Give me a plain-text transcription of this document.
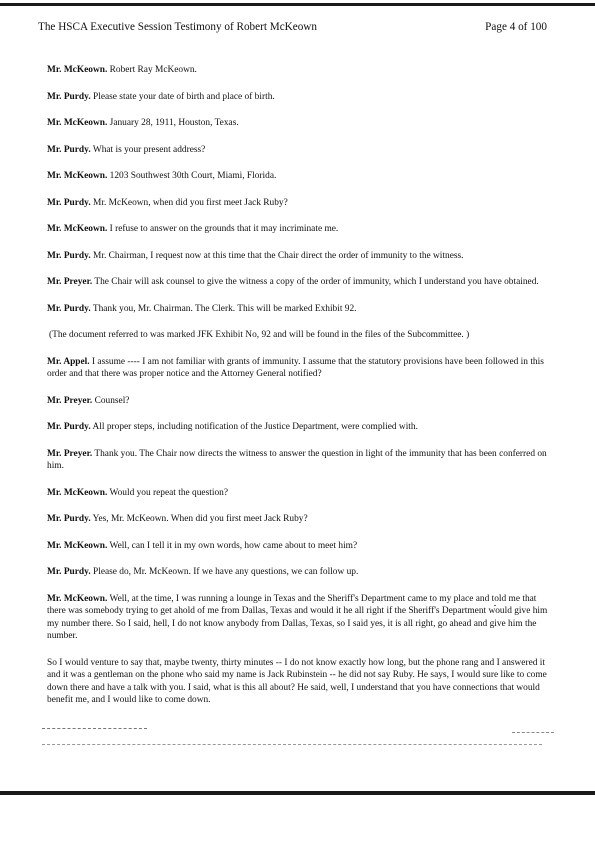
The HSCA Executive Session Testimony of Robert McKeown	Page 4 of 100

Mr. McKeown. Robert Ray McKeown.

Mr. Purdy. Please state your date of birth and place of birth.

Mr. McKeown. January 28, 1911, Houston, Texas.

Mr. Purdy. What is your present address?

Mr. McKeown. 1203 Southwest 30th Court, Miami, Florida.

Mr. Purdy. Mr. McKeown, when did you first meet Jack Ruby?

Mr. McKeown. I refuse to answer on the grounds that it may incriminate me.

Mr. Purdy. Mr. Chairman, I request now at this time that the Chair direct the order of immunity to the witness.

Mr. Preyer. The Chair will ask counsel to give the witness a copy of the order of immunity, which I understand you have obtained.

Mr. Purdy. Thank you, Mr. Chairman. The Clerk. This will be marked Exhibit 92.

(The document referred to was marked JFK Exhibit No, 92 and will be found in the files of the Subcommittee. )

Mr. Appel. I assume ---- I am not familiar with grants of immunity. I assume that the statutory provisions have been followed in this order and that there was proper notice and the Attorney General notified?

Mr. Preyer. Counsel?

Mr. Purdy. All proper steps, including notification of the Justice Department, were complied with.

Mr. Preyer. Thank you. The Chair now directs the witness to answer the question in light of the immunity that has been conferred on him.

Mr. McKeown. Would you repeat the question?

Mr. Purdy. Yes, Mr. McKeown. When did you first meet Jack Ruby?

Mr. McKeown. Well, can I tell it in my own words, how came about to meet him?

Mr. Purdy. Please do, Mr. McKeown. If we have any questions, we can follow up.

Mr. McKeown. Well, at the time, I was running a lounge in Texas and the Sheriff's Department came to my place and told me that there was somebody trying to get ahold of me from Dallas, Texas and would it he all right if the Sheriff's Department would give him my number there. So I said, hell, I do not know anybody from Dallas, Texas, so I said yes, it is all right, go ahead and give him the number.

So I would venture to say that, maybe twenty, thirty minutes -- I do not know exactly how long, but the phone rang and I answered it and it was a gentleman on the phone who said my name is Jack Rubinstein -- he did not say Ruby. He says, I would sure like to come down there and have a talk with you. I said, what is this all about? He said, well, I understand that you have connections that would benefit me, and I would like to come down.
